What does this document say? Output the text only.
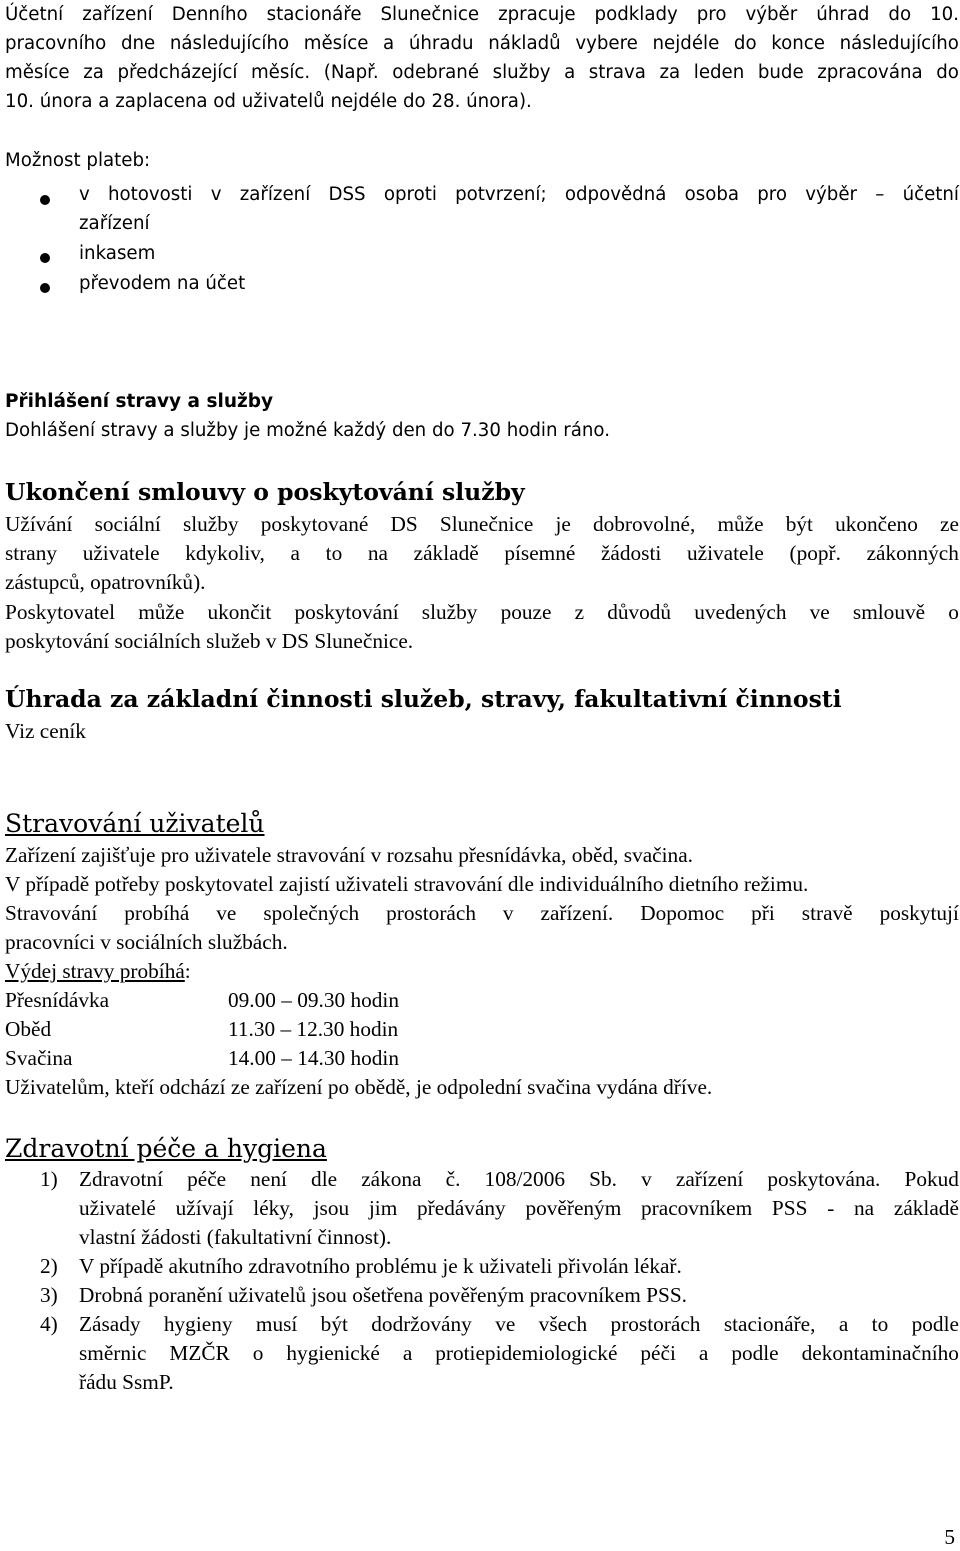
Účetní zařízení Denního stacionáře Slunečnice zpracuje podklady pro výběr úhrad do 10.
pracovního dne následujícího měsíce a úhradu nákladů vybere nejdéle do konce následujícího
měsíce za předcházející měsíc. (Např. odebrané služby a strava za leden bude zpracována do
10. února a zaplacena od uživatelů nejdéle do 28. února).
Možnost plateb:
v hotovosti v zařízení DSS oproti potvrzení; odpovědná osoba pro výběr – účetní
zařízení
inkasem
převodem na účet
Přihlášení stravy a služby
Dohlášení stravy a služby je možné každý den do 7.30 hodin ráno.
Ukončení smlouvy o poskytování služby
Užívání sociální služby poskytované DS Slunečnice je dobrovolné, může být ukončeno ze
strany uživatele kdykoliv, a to na základě písemné žádosti uživatele (popř. zákonných
zástupců, opatrovníků).
Poskytovatel může ukončit poskytování služby pouze z důvodů uvedených ve smlouvě o
poskytování sociálních služeb v DS Slunečnice.
Úhrada za základní činnosti služeb, stravy, fakultativní činnosti
Viz ceník
Stravování uživatelů
Zařízení zajišťuje pro uživatele stravování v rozsahu přesnídávka, oběd, svačina.
V případě potřeby poskytovatel zajistí uživateli stravování dle individuálního dietního režimu.
Stravování probíhá ve společných prostorách v zařízení. Dopomoc při stravě poskytují
pracovníci v sociálních službách.
Výdej stravy probíhá:
Přesnídávka	09.00 – 09.30 hodin
Oběd	11.30 – 12.30 hodin
Svačina	14.00 – 14.30 hodin
Uživatelům, kteří odchází ze zařízení po obědě, je odpolední svačina vydána dříve.
Zdravotní péče a hygiena
1) Zdravotní péče není dle zákona č. 108/2006 Sb. v zařízení poskytována. Pokud
uživatelé užívají léky, jsou jim předávány pověřeným pracovníkem PSS - na základě
vlastní žádosti (fakultativní činnost).
2) V případě akutního zdravotního problému je k uživateli přivolán lékař.
3) Drobná poranění uživatelů jsou ošetřena pověřeným pracovníkem PSS.
4) Zásady hygieny musí být dodržovány ve všech prostorách stacionáře, a to podle
směrnic MZČR o hygienické a protiepidemiologické péči a podle dekontaminačního
řádu SsmP.
5
